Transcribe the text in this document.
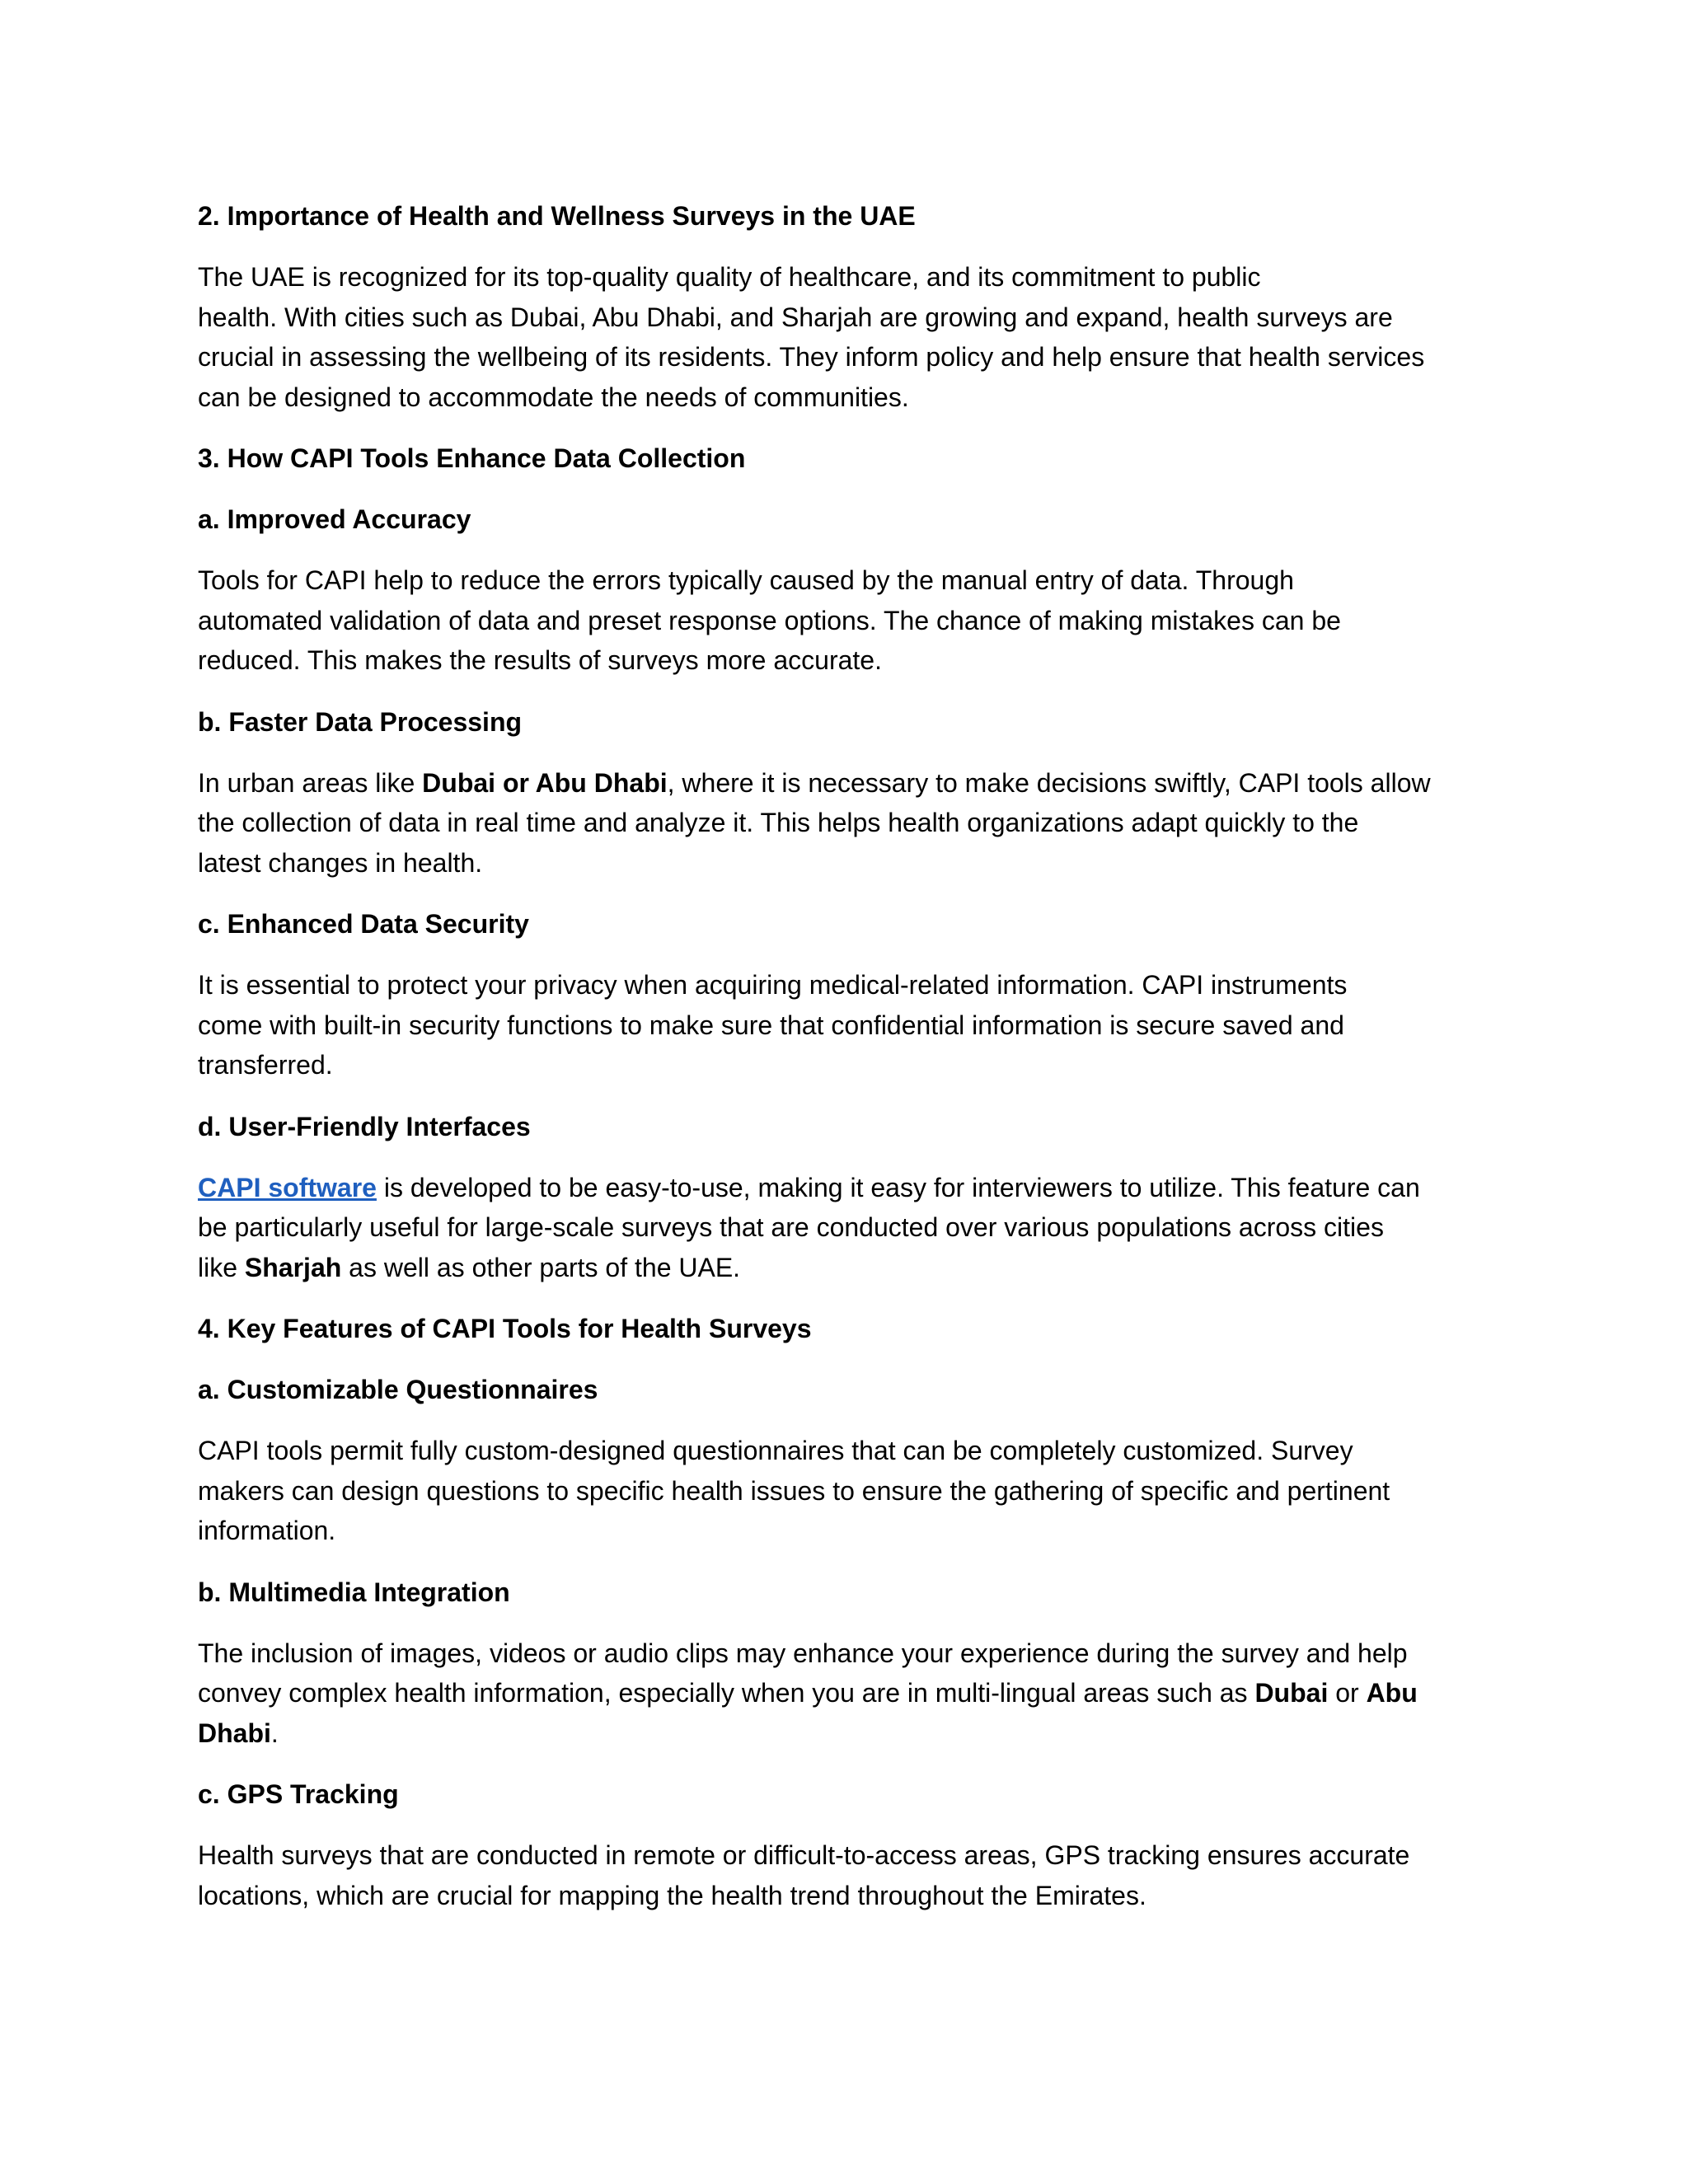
2. Importance of Health and Wellness Surveys in the UAE
The UAE is recognized for its top-quality quality of healthcare, and its commitment to public
health. With cities such as Dubai, Abu Dhabi, and Sharjah are growing and expand, health surveys are
crucial in assessing the wellbeing of its residents. They inform policy and help ensure that health services
can be designed to accommodate the needs of communities.
3. How CAPI Tools Enhance Data Collection
a. Improved Accuracy
Tools for CAPI help to reduce the errors typically caused by the manual entry of data. Through
automated validation of data and preset response options. The chance of making mistakes can be
reduced. This makes the results of surveys more accurate.
b. Faster Data Processing
In urban areas like Dubai or Abu Dhabi, where it is necessary to make decisions swiftly, CAPI tools allow
the collection of data in real time and analyze it. This helps health organizations adapt quickly to the
latest changes in health.
c. Enhanced Data Security
It is essential to protect your privacy when acquiring medical-related information. CAPI instruments
come with built-in security functions to make sure that confidential information is secure saved and
transferred.
d. User-Friendly Interfaces
CAPI software is developed to be easy-to-use, making it easy for interviewers to utilize. This feature can
be particularly useful for large-scale surveys that are conducted over various populations across cities
like Sharjah as well as other parts of the UAE.
4. Key Features of CAPI Tools for Health Surveys
a. Customizable Questionnaires
CAPI tools permit fully custom-designed questionnaires that can be completely customized. Survey
makers can design questions to specific health issues to ensure the gathering of specific and pertinent
information.
b. Multimedia Integration
The inclusion of images, videos or audio clips may enhance your experience during the survey and help
convey complex health information, especially when you are in multi-lingual areas such as Dubai or Abu
Dhabi.
c. GPS Tracking
Health surveys that are conducted in remote or difficult-to-access areas, GPS tracking ensures accurate
locations, which are crucial for mapping the health trend throughout the Emirates.
